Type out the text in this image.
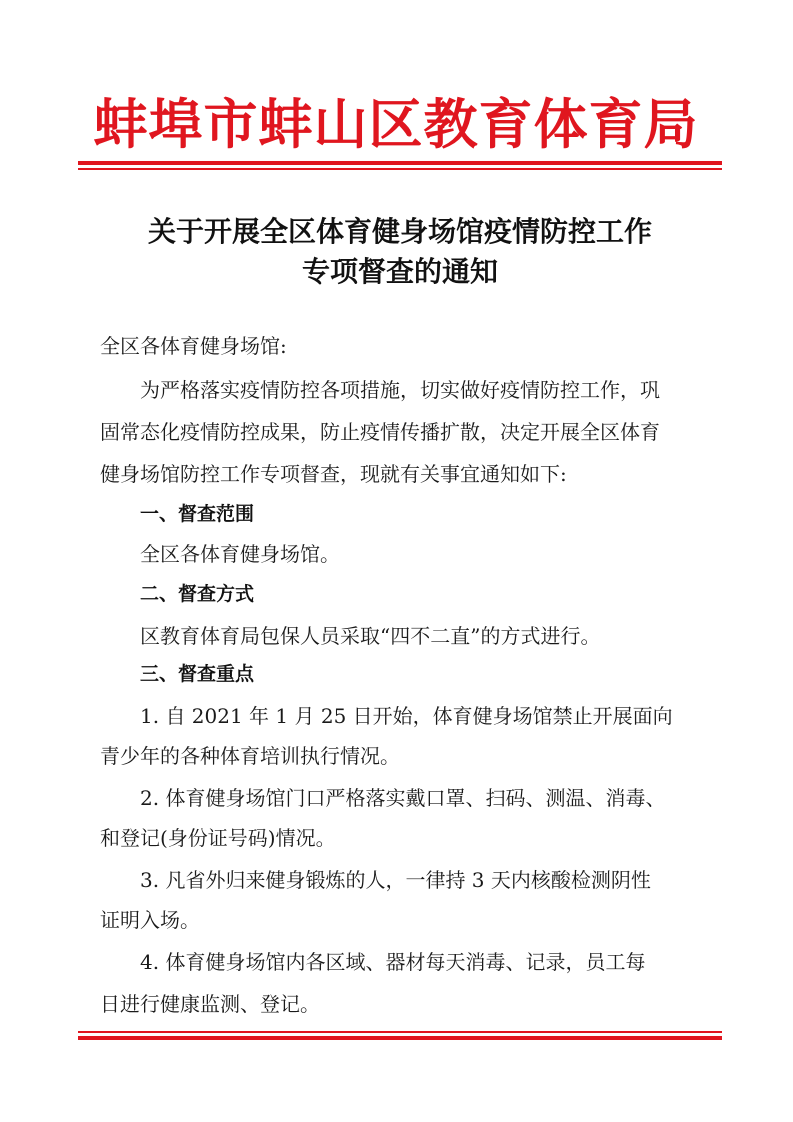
蚌埠市蚌山区教育体育局
关于开展全区体育健身场馆疫情防控工作
专项督查的通知
全区各体育健身场馆:
为严格落实疫情防控各项措施，切实做好疫情防控工作，巩
固常态化疫情防控成果，防止疫情传播扩散，决定开展全区体育
健身场馆防控工作专项督查，现就有关事宜通知如下:
一、督查范围
全区各体育健身场馆。
二、督查方式
区教育体育局包保人员采取“四不二直”的方式进行。
三、督查重点
1. 自 2021 年 1 月 25 日开始，体育健身场馆禁止开展面向
青少年的各种体育培训执行情况。
2. 体育健身场馆门口严格落实戴口罩、扫码、测温、消毒、
和登记(身份证号码)情况。
3. 凡省外归来健身锻炼的人，一律持 3 天内核酸检测阴性
证明入场。
4. 体育健身场馆内各区域、器材每天消毒、记录，员工每
日进行健康监测、登记。
